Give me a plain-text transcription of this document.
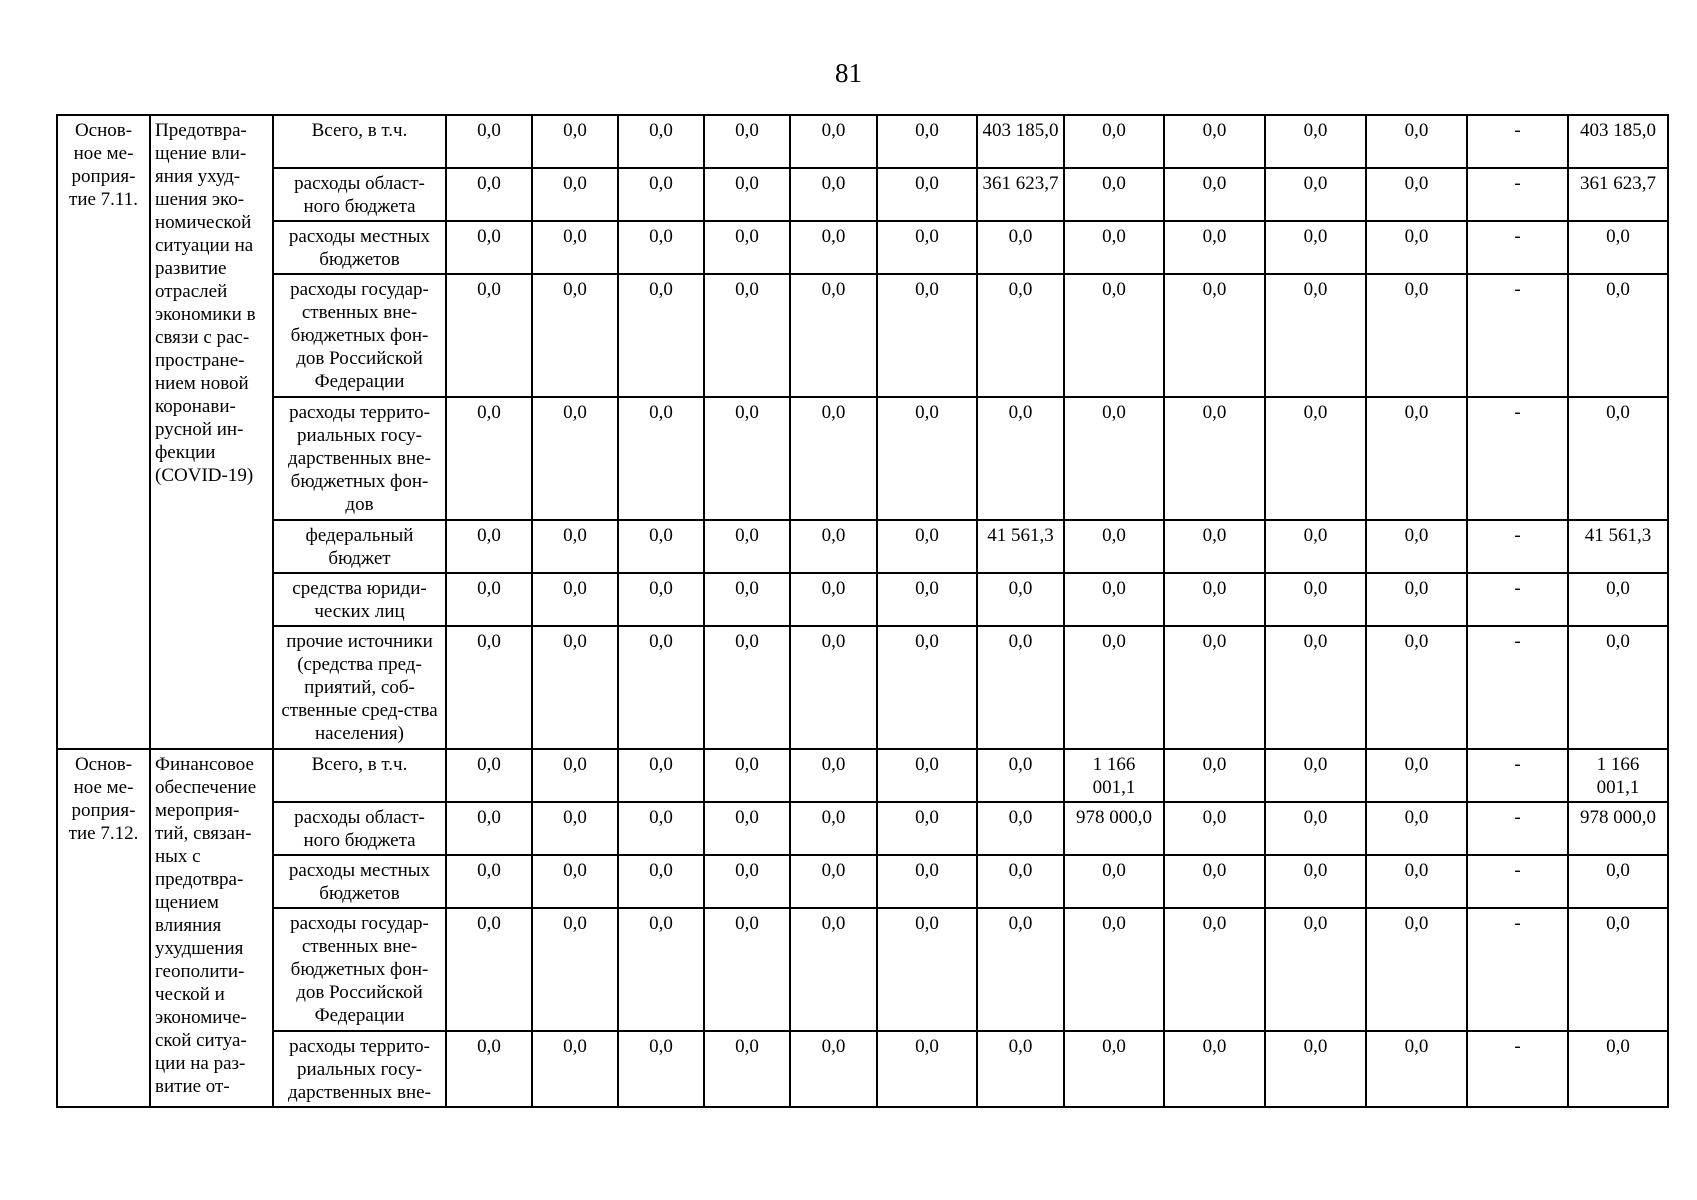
81
Основ-ное ме-роприя-тие 7.11.	Предотвра-щение вли-яния ухуд-шения эко-номической ситуации на развитие отраслей экономики в связи с рас-простране-нием новой коронави-русной ин-фекции (COVID-19)	Всего, в т.ч.	0,0	0,0	0,0	0,0	0,0	0,0	403 185,0	0,0	0,0	0,0	0,0	-	403 185,0
		расходы област-ного бюджета	0,0	0,0	0,0	0,0	0,0	0,0	361 623,7	0,0	0,0	0,0	0,0	-	361 623,7
		расходы местных бюджетов	0,0	0,0	0,0	0,0	0,0	0,0	0,0	0,0	0,0	0,0	0,0	-	0,0
		расходы государ-ственных вне-бюджетных фон-дов Российской Федерации	0,0	0,0	0,0	0,0	0,0	0,0	0,0	0,0	0,0	0,0	0,0	-	0,0
		расходы террито-риальных госу-дарственных вне-бюджетных фон-дов	0,0	0,0	0,0	0,0	0,0	0,0	0,0	0,0	0,0	0,0	0,0	-	0,0
		федеральный бюджет	0,0	0,0	0,0	0,0	0,0	0,0	41 561,3	0,0	0,0	0,0	0,0	-	41 561,3
		средства юриди-ческих лиц	0,0	0,0	0,0	0,0	0,0	0,0	0,0	0,0	0,0	0,0	0,0	-	0,0
		прочие источники (средства пред-приятий, соб-ственные сред-ства населения)	0,0	0,0	0,0	0,0	0,0	0,0	0,0	0,0	0,0	0,0	0,0	-	0,0
Основ-ное ме-роприя-тие 7.12.	Финансовое обеспечение мероприя-тий, связан-ных с предотвра-щением влияния ухудшения геополити-ческой и экономиче-ской ситуа-ции на раз-витие от-	Всего, в т.ч.	0,0	0,0	0,0	0,0	0,0	0,0	0,0	1 166 001,1	0,0	0,0	0,0	-	1 166 001,1
		расходы област-ного бюджета	0,0	0,0	0,0	0,0	0,0	0,0	0,0	978 000,0	0,0	0,0	0,0	-	978 000,0
		расходы местных бюджетов	0,0	0,0	0,0	0,0	0,0	0,0	0,0	0,0	0,0	0,0	0,0	-	0,0
		расходы государ-ственных вне-бюджетных фон-дов Российской Федерации	0,0	0,0	0,0	0,0	0,0	0,0	0,0	0,0	0,0	0,0	0,0	-	0,0
		расходы террито-риальных госу-дарственных вне-	0,0	0,0	0,0	0,0	0,0	0,0	0,0	0,0	0,0	0,0	0,0	-	0,0
